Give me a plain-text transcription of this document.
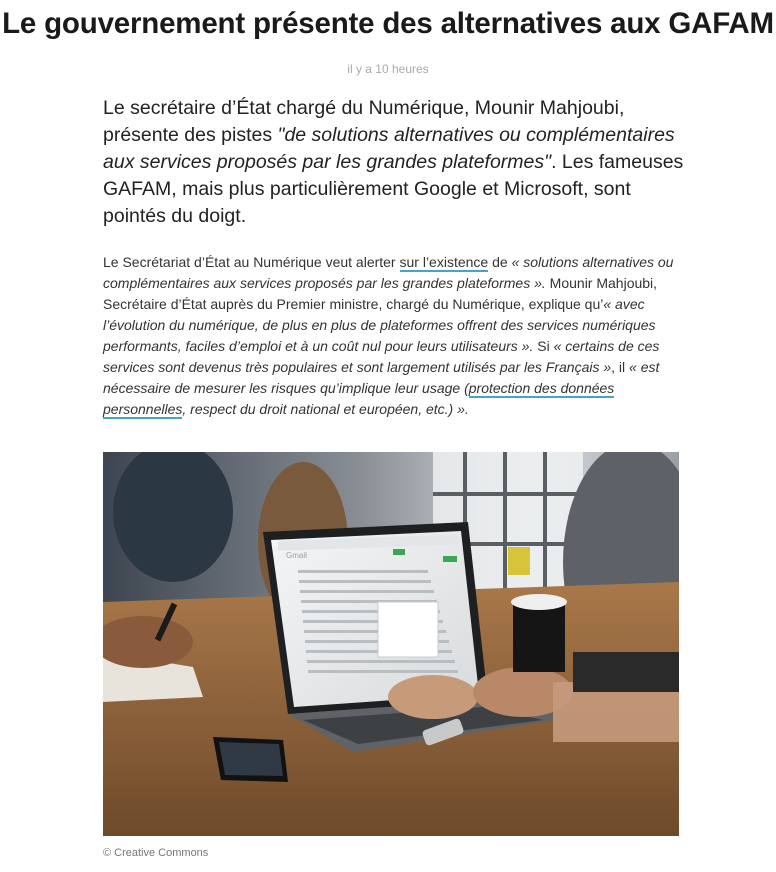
Le gouvernement présente des alternatives aux GAFAM
il y a 10 heures

Le secrétaire d’État chargé du Numérique, Mounir Mahjoubi, présente des pistes "de solutions alternatives ou complémentaires aux services proposés par les grandes plateformes". Les fameuses GAFAM, mais plus particulièrement Google et Microsoft, sont pointés du doigt.

Le Secrétariat d’État au Numérique veut alerter sur l’existence de « solutions alternatives ou complémentaires aux services proposés par les grandes plateformes ». Mounir Mahjoubi, Secrétaire d’État auprès du Premier ministre, chargé du Numérique, explique qu’« avec l’évolution du numérique, de plus en plus de plateformes offrent des services numériques performants, faciles d’emploi et à un coût nul pour leurs utilisateurs ». Si « certains de ces services sont devenus très populaires et sont largement utilisés par les Français », il « est nécessaire de mesurer les risques qu’implique leur usage (protection des données personnelles, respect du droit national et européen, etc.) ».

Gmail
© Creative Commons
